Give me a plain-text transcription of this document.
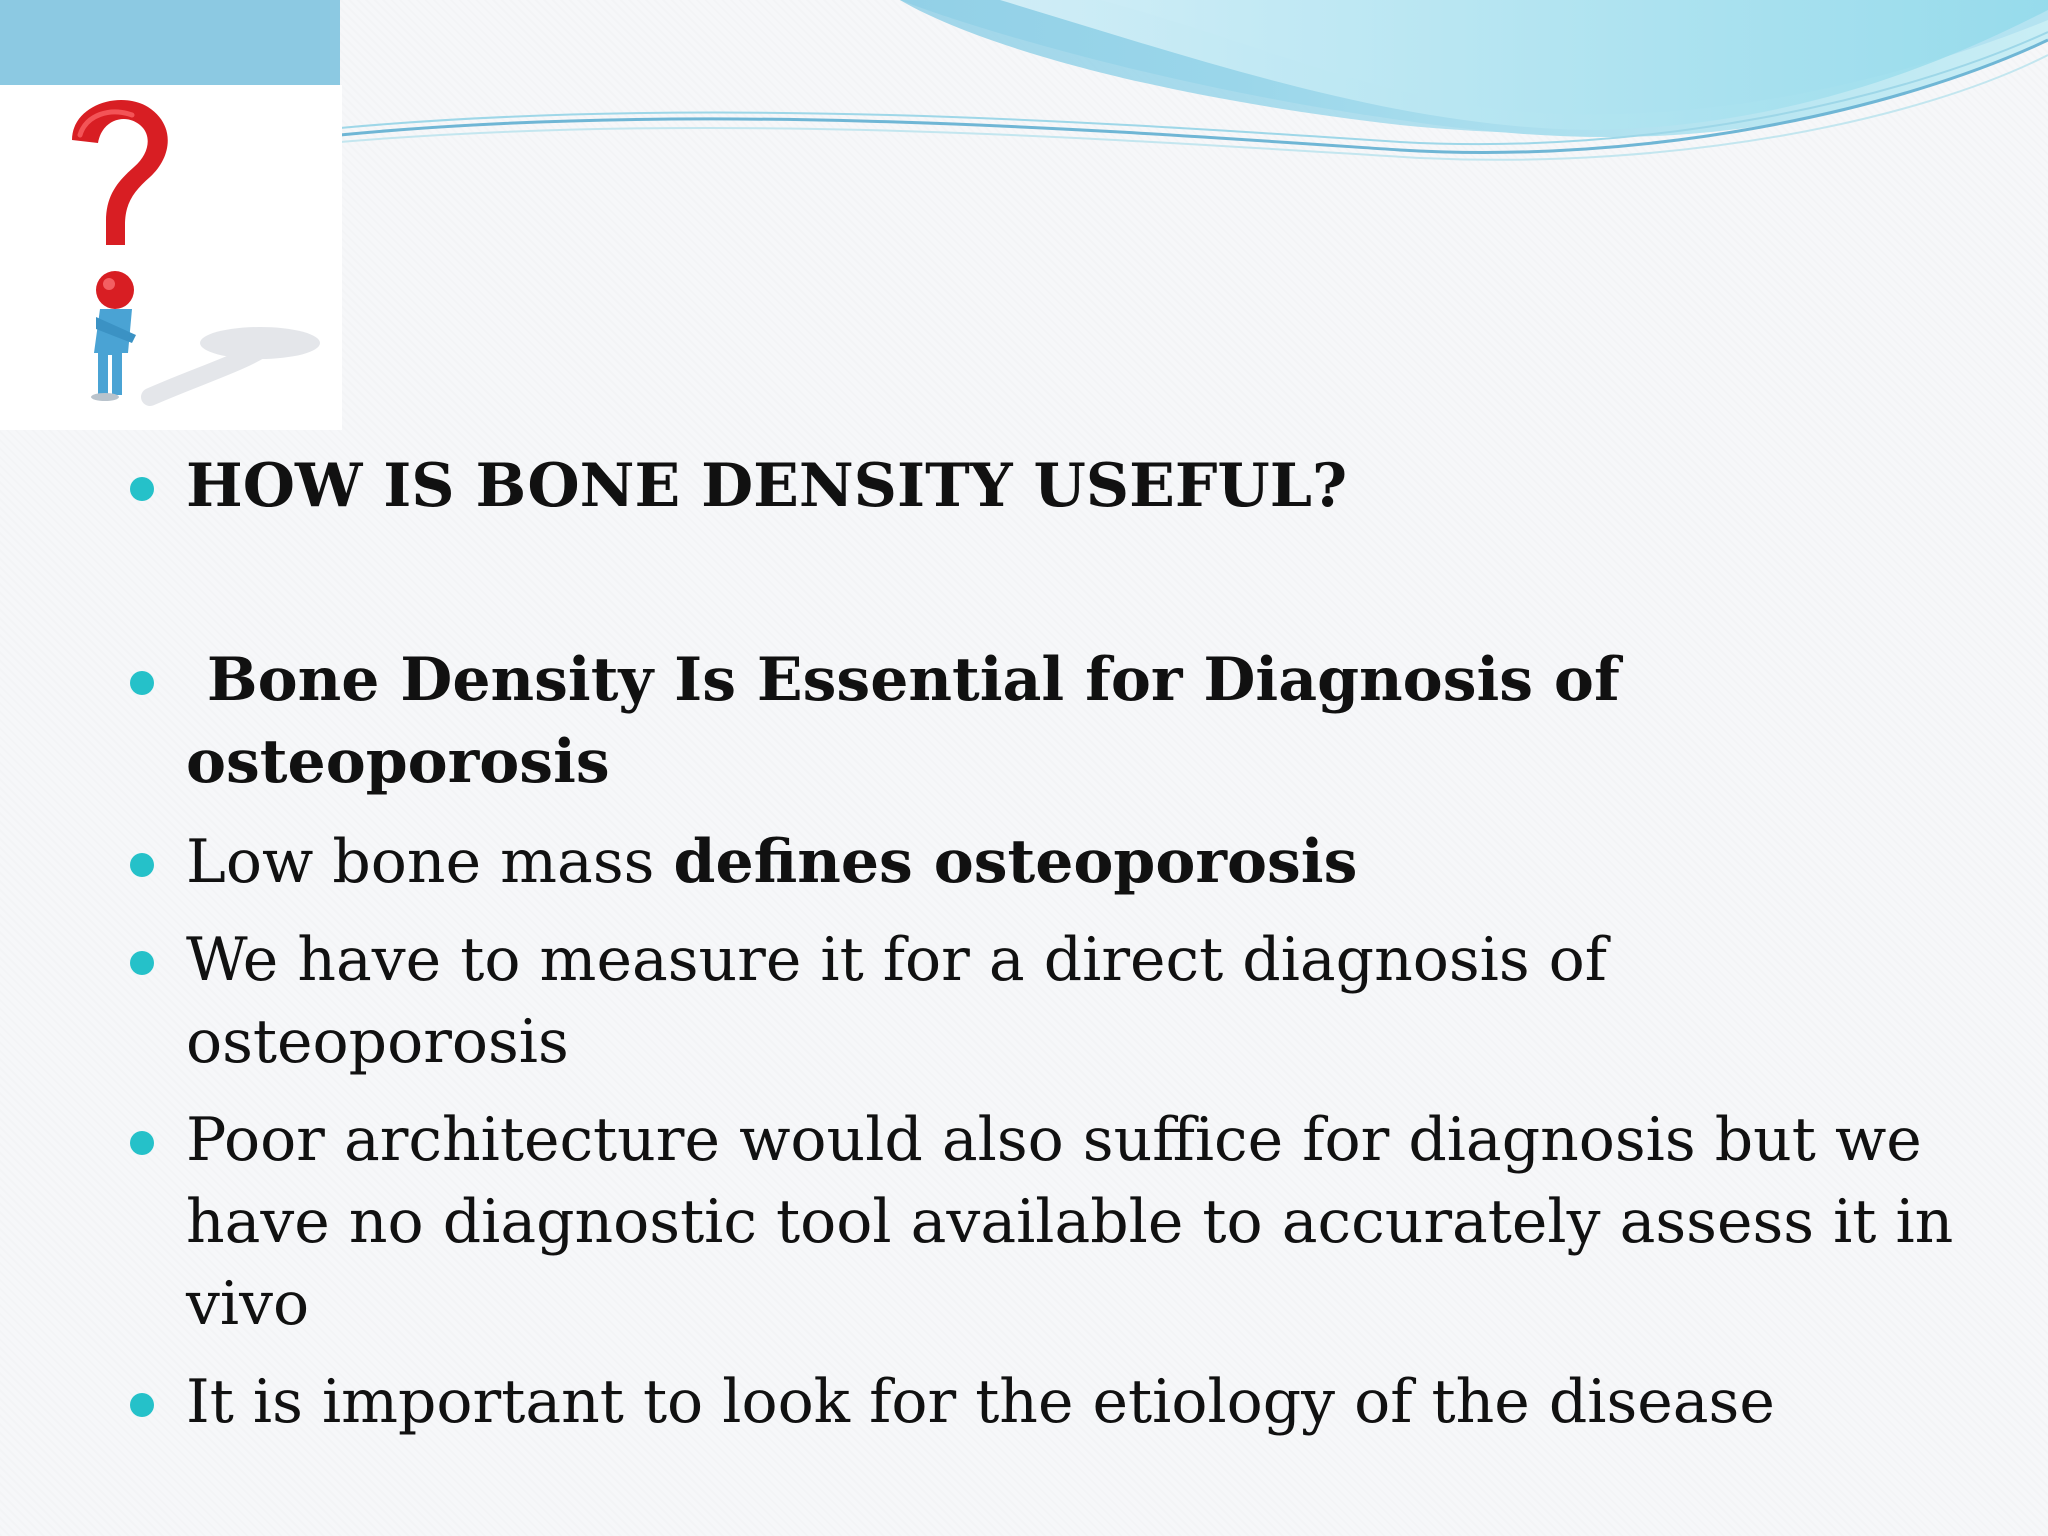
HOW IS BONE DENSITY USEFUL?
Bone Density Is Essential for Diagnosis of osteoporosis
Low bone mass defines osteoporosis
We have to measure it for a direct diagnosis of osteoporosis
Poor architecture would also suffice for diagnosis but we have no diagnostic tool available to accurately assess it in vivo
It is important to look for the etiology of the disease
